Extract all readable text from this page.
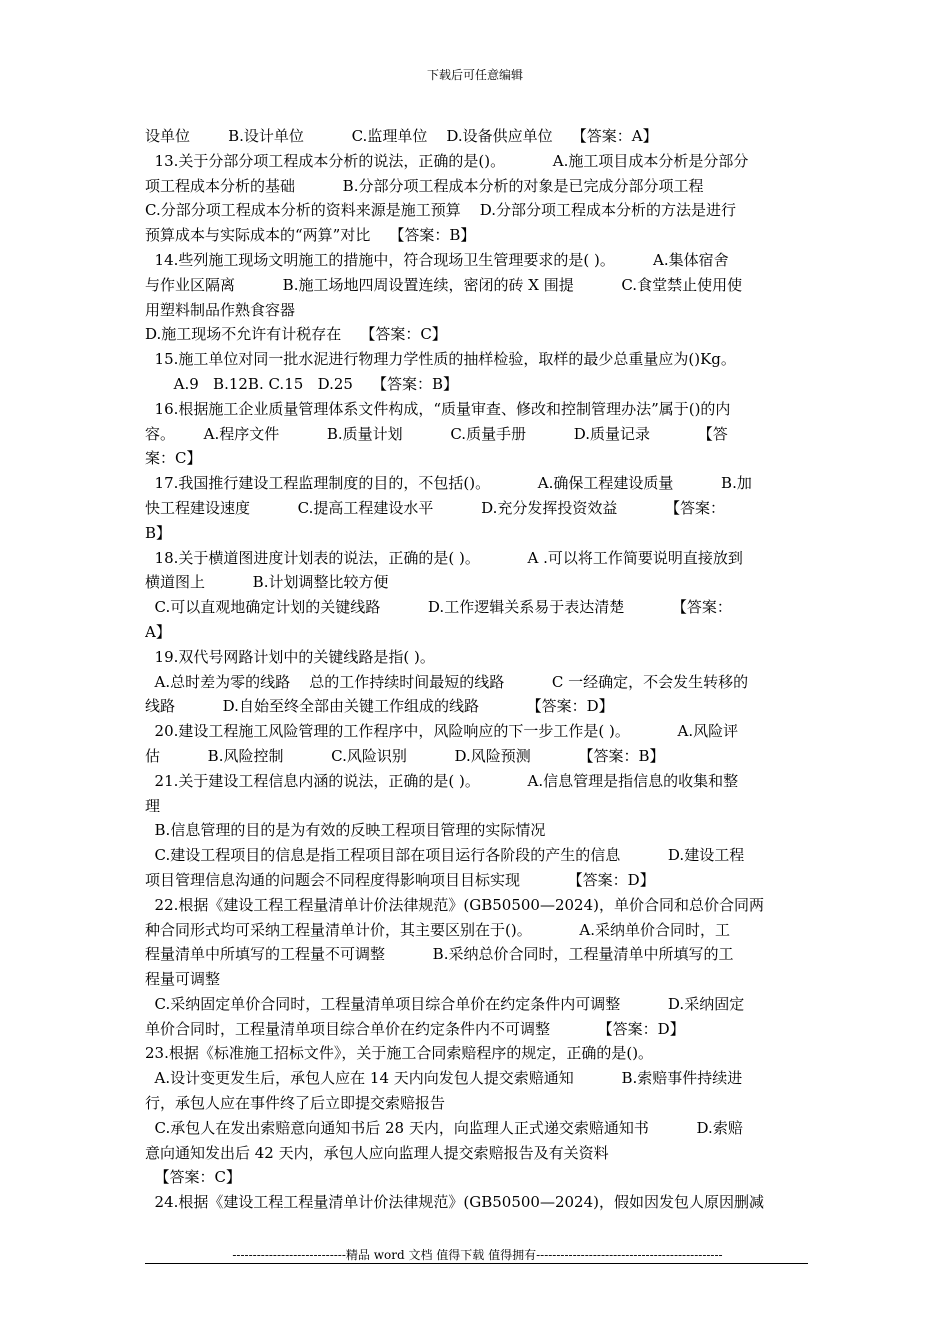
下载后可任意编辑
设单位        B.设计单位          C.监理单位    D.设备供应单位    【答案：A】
13.关于分部分项工程成本分析的说法，正确的是()。          A.施工项目成本分析是分部分
项工程成本分析的基础          B.分部分项工程成本分析的对象是已完成分部分项工程
C.分部分项工程成本分析的资料来源是施工预算    D.分部分项工程成本分析的方法是进行
预算成本与实际成本的“两算”对比    【答案：B】
14.些列施工现场文明施工的措施中，符合现场卫生管理要求的是( )。        A.集体宿舍
与作业区隔离          B.施工场地四周设置连续，密闭的砖 X 围提          C.食堂禁止使用使
用塑料制品作熟食容器
D.施工现场不允许有计税存在    【答案：C】
15.施工单位对同一批水泥进行物理力学性质的抽样检验，取样的最少总重量应为()Kg。
A.9   B.12B. C.15   D.25    【答案：B】
16.根据施工企业质量管理体系文件构成，“质量审查、修改和控制管理办法”属于()的内
容。      A.程序文件          B.质量计划          C.质量手册          D.质量记录          【答
案：C】
17.我国推行建设工程监理制度的目的，不包括()。          A.确保工程建设质量          B.加
快工程建设速度          C.提高工程建设水平          D.充分发挥投资效益          【答案：
B】
18.关于横道图进度计划表的说法，正确的是( )。          A .可以将工作简要说明直接放到
横道图上          B.计划调整比较方便
C.可以直观地确定计划的关键线路          D.工作逻辑关系易于表达清楚          【答案：
A】
19.双代号网路计划中的关键线路是指( )。
A.总时差为零的线路    总的工作持续时间最短的线路          C 一经确定，不会发生转移的
线路          D.自始至终全部由关键工作组成的线路          【答案：D】
20.建设工程施工风险管理的工作程序中，风险响应的下一步工作是( )。          A.风险评
估          B.风险控制          C.风险识别          D.风险预测          【答案：B】
21.关于建设工程信息内涵的说法，正确的是( )。          A.信息管理是指信息的收集和整
理
B.信息管理的目的是为有效的反映工程项目管理的实际情况
C.建设工程项目的信息是指工程项目部在项目运行各阶段的产生的信息          D.建设工程
项目管理信息沟通的问题会不同程度得影响项目目标实现          【答案：D】
22.根据《建设工程工程量清单计价法律规范》(GB50500—2024)，单价合同和总价合同两
种合同形式均可采纳工程量清单计价，其主要区别在于()。          A.采纳单价合同时，工
程量清单中所填写的工程量不可调整          B.采纳总价合同时，工程量清单中所填写的工
程量可调整
C.采纳固定单价合同时，工程量清单项目综合单价在约定条件内可调整          D.采纳固定
单价合同时，工程量清单项目综合单价在约定条件内不可调整          【答案：D】
23.根据《标准施工招标文件》，关于施工合同索赔程序的规定，正确的是()。
A.设计变更发生后，承包人应在 14 天内向发包人提交索赔通知          B.索赔事件持续进
行，承包人应在事件终了后立即提交索赔报告
C.承包人在发出索赔意向通知书后 28 天内，向监理人正式递交索赔通知书          D.索赔
意向通知发出后 42 天内，承包人应向监理人提交索赔报告及有关资料
【答案：C】
24.根据《建设工程工程量清单计价法律规范》(GB50500—2024)，假如因发包人原因删减
----------------------------精品 word 文档 值得下载 值得拥有----------------------------------------------
